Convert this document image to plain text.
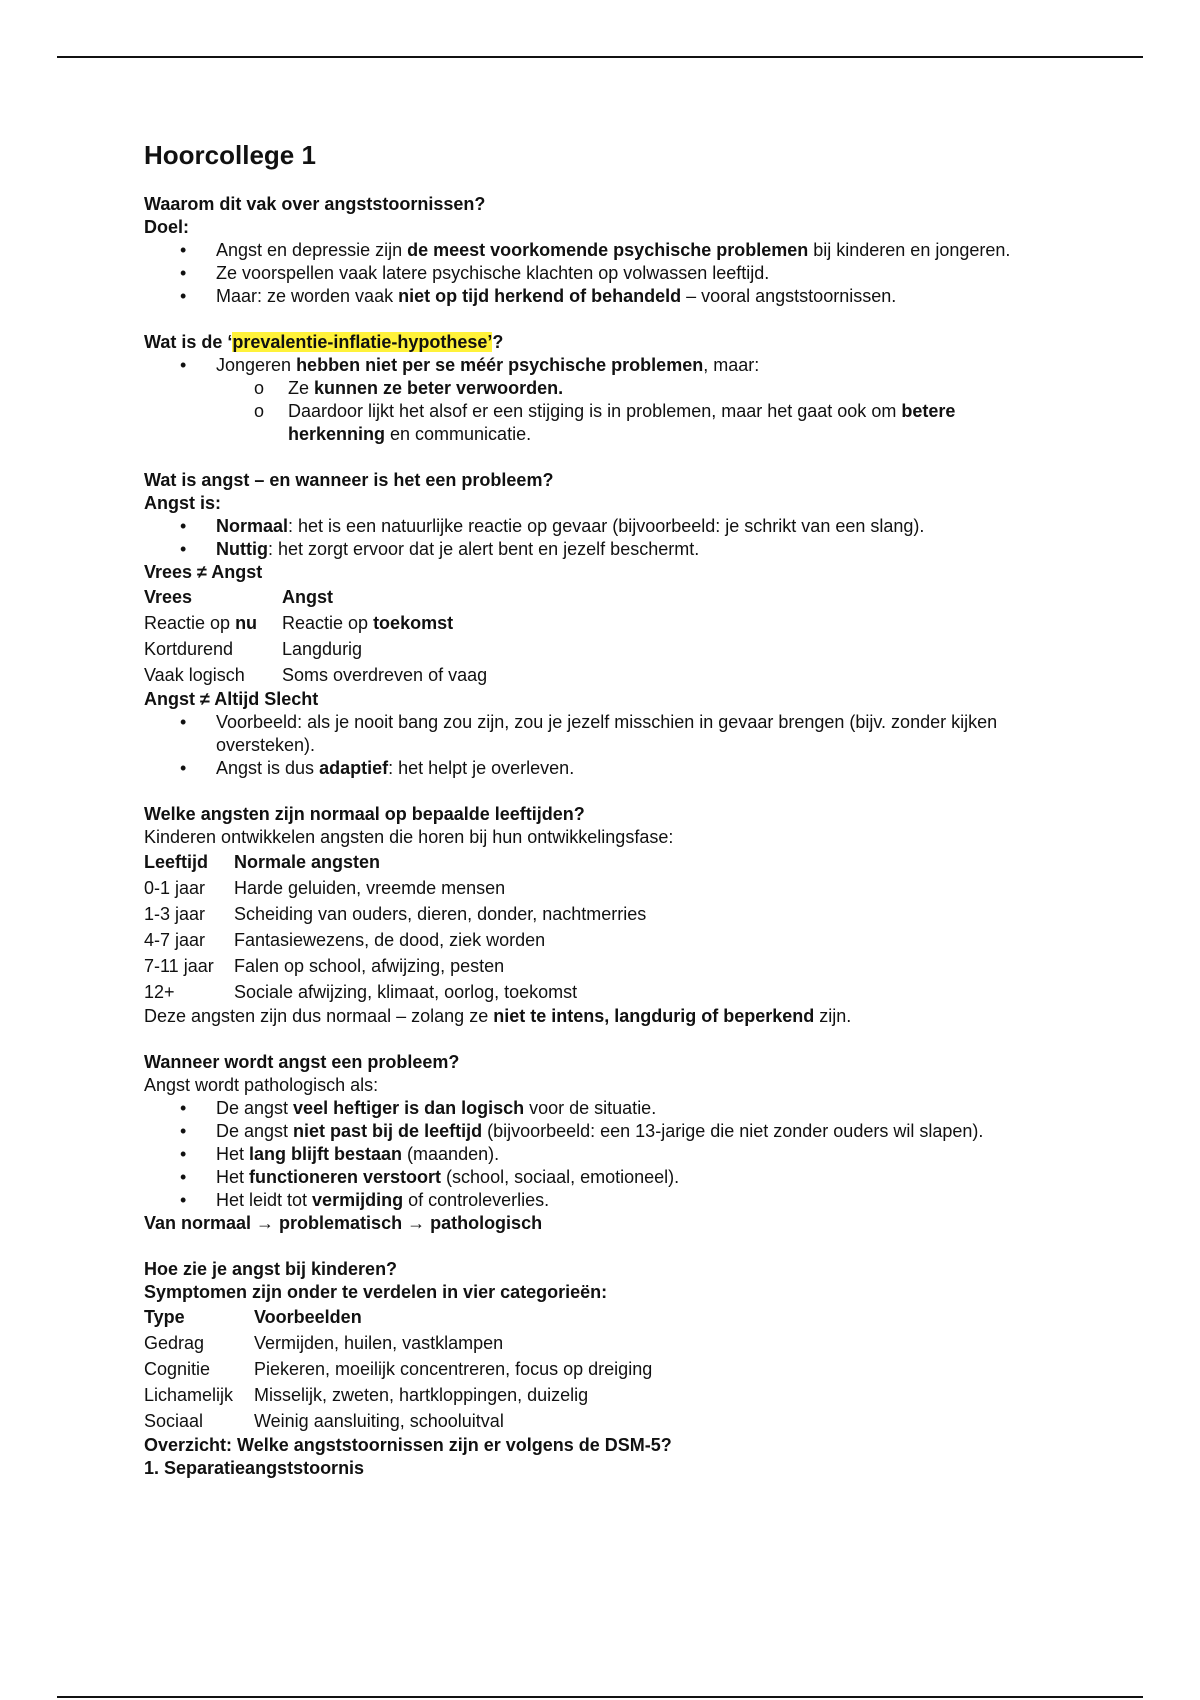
Hoorcollege 1
Waarom dit vak over angststoornissen?
Doel:
• Angst en depressie zijn de meest voorkomende psychische problemen bij kinderen en jongeren.
• Ze voorspellen vaak latere psychische klachten op volwassen leeftijd.
• Maar: ze worden vaak niet op tijd herkend of behandeld – vooral angststoornissen.
Wat is de ‘prevalentie-inflatie-hypothese’?
• Jongeren hebben niet per se méér psychische problemen, maar:
o Ze kunnen ze beter verwoorden.
o Daardoor lijkt het alsof er een stijging is in problemen, maar het gaat ook om betere herkenning en communicatie.
Wat is angst – en wanneer is het een probleem?
Angst is:
• Normaal: het is een natuurlijke reactie op gevaar (bijvoorbeeld: je schrikt van een slang).
• Nuttig: het zorgt ervoor dat je alert bent en jezelf beschermt.
Vrees ≠ Angst
Vrees	Angst
Reactie op nu	Reactie op toekomst
Kortdurend	Langdurig
Vaak logisch	Soms overdreven of vaag
Angst ≠ Altijd Slecht
• Voorbeeld: als je nooit bang zou zijn, zou je jezelf misschien in gevaar brengen (bijv. zonder kijken oversteken).
• Angst is dus adaptief: het helpt je overleven.
Welke angsten zijn normaal op bepaalde leeftijden?
Kinderen ontwikkelen angsten die horen bij hun ontwikkelingsfase:
Leeftijd	Normale angsten
0-1 jaar	Harde geluiden, vreemde mensen
1-3 jaar	Scheiding van ouders, dieren, donder, nachtmerries
4-7 jaar	Fantasiewezens, de dood, ziek worden
7-11 jaar	Falen op school, afwijzing, pesten
12+	Sociale afwijzing, klimaat, oorlog, toekomst
Deze angsten zijn dus normaal – zolang ze niet te intens, langdurig of beperkend zijn.
Wanneer wordt angst een probleem?
Angst wordt pathologisch als:
• De angst veel heftiger is dan logisch voor de situatie.
• De angst niet past bij de leeftijd (bijvoorbeeld: een 13-jarige die niet zonder ouders wil slapen).
• Het lang blijft bestaan (maanden).
• Het functioneren verstoort (school, sociaal, emotioneel).
• Het leidt tot vermijding of controleverlies.
Van normaal → problematisch → pathologisch
Hoe zie je angst bij kinderen?
Symptomen zijn onder te verdelen in vier categorieën:
Type	Voorbeelden
Gedrag	Vermijden, huilen, vastklampen
Cognitie	Piekeren, moeilijk concentreren, focus op dreiging
Lichamelijk	Misselijk, zweten, hartkloppingen, duizelig
Sociaal	Weinig aansluiting, schooluitval
Overzicht: Welke angststoornissen zijn er volgens de DSM-5?
1. Separatieangststoornis
